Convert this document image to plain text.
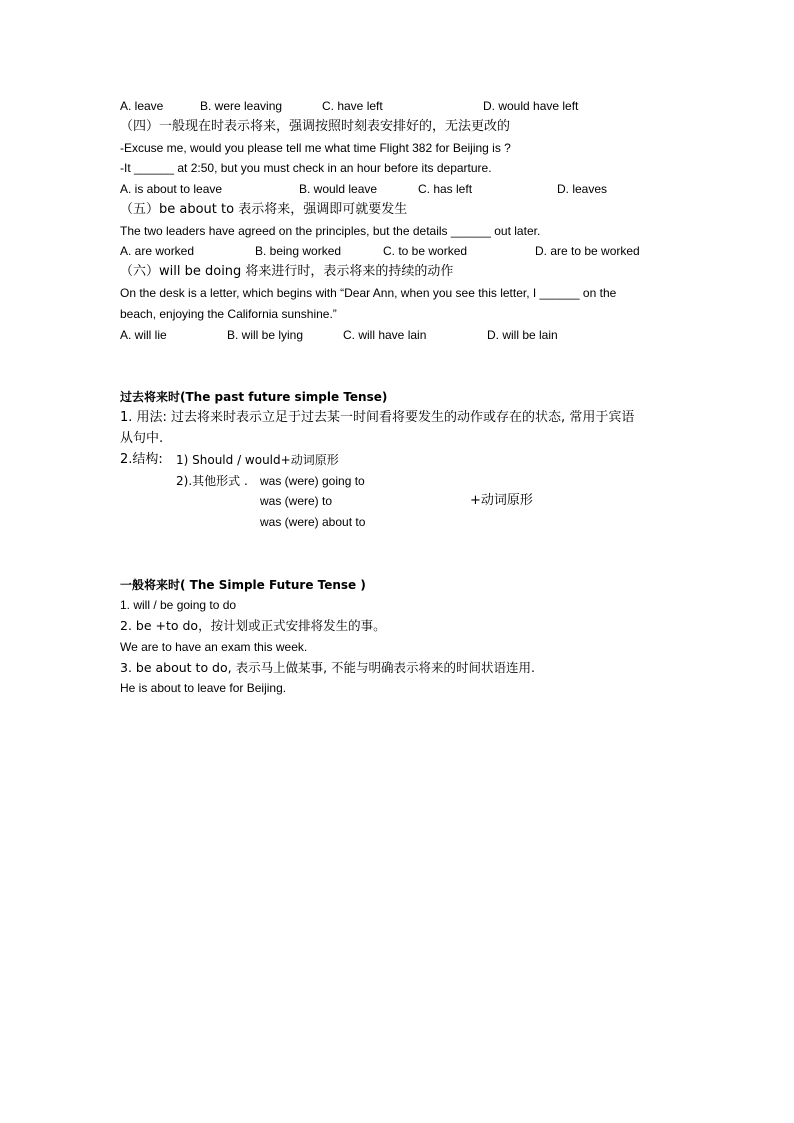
A. leave	B. were leaving	C. have left	D. would have left
（四）一般现在时表示将来，强调按照时刻表安排好的，无法更改的
-Excuse me, would you please tell me what time Flight 382 for Beijing is ?
-It ______ at 2:50, but you must check in an hour before its departure.
A. is about to leave	B. would leave	C. has left	D. leaves
（五）be about to 表示将来，强调即可就要发生
The two leaders have agreed on the principles, but the details ______ out later.
A. are worked	B. being worked	C. to be worked	D. are to be worked
（六）will be doing 将来进行时，表示将来的持续的动作
On the desk is a letter, which begins with “Dear Ann, when you see this letter, I ______ on the
beach, enjoying the California sunshine.”
A. will lie	B. will be lying	C. will have lain	D. will be lain
过去将来时(The past future simple Tense)
1. 用法: 过去将来时表示立足于过去某一时间看将要发生的动作或存在的状态, 常用于宾语
从句中.
2.结构: 1) Should / would+动词原形
2).其他形式 . was (were) going to
was (were) to	+动词原形
was (were) about to
一般将来时( The Simple Future Tense )
1. will / be going to do
2. be +to do，按计划或正式安排将发生的事。
We are to have an exam this week.
3. be about to do, 表示马上做某事, 不能与明确表示将来的时间状语连用.
He is about to leave for Beijing.
